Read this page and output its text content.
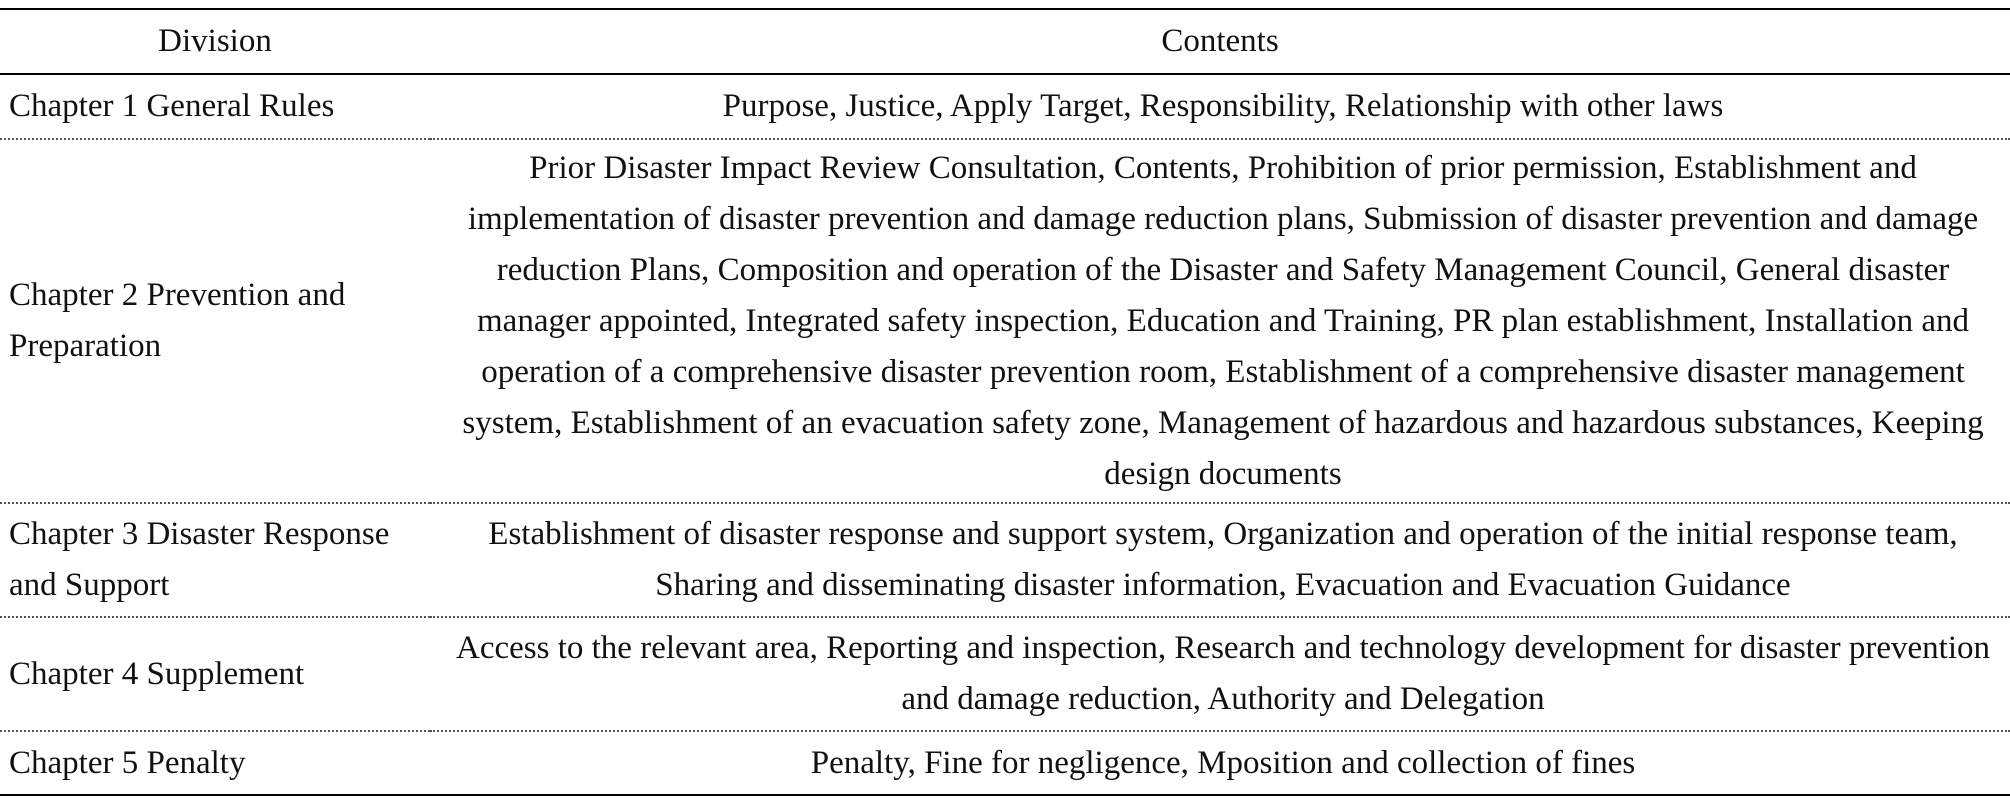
Division	Contents
Chapter 1 General Rules	Purpose, Justice, Apply Target, Responsibility, Relationship with other laws
Chapter 2 Prevention and Preparation	Prior Disaster Impact Review Consultation, Contents, Prohibition of prior permission, Establishment and implementation of disaster prevention and damage reduction plans, Submission of disaster prevention and damage reduction Plans, Composition and operation of the Disaster and Safety Management Council, General disaster manager appointed, Integrated safety inspection, Education and Training, PR plan establishment, Installation and operation of a comprehensive disaster prevention room, Establishment of a comprehensive disaster management system, Establishment of an evacuation safety zone, Management of hazardous and hazardous substances, Keeping design documents
Chapter 3 Disaster Response and Support	Establishment of disaster response and support system, Organization and operation of the initial response team, Sharing and disseminating disaster information, Evacuation and Evacuation Guidance
Chapter 4 Supplement	Access to the relevant area, Reporting and inspection, Research and technology development for disaster prevention and damage reduction, Authority and Delegation
Chapter 5 Penalty	Penalty, Fine for negligence, Mposition and collection of fines
